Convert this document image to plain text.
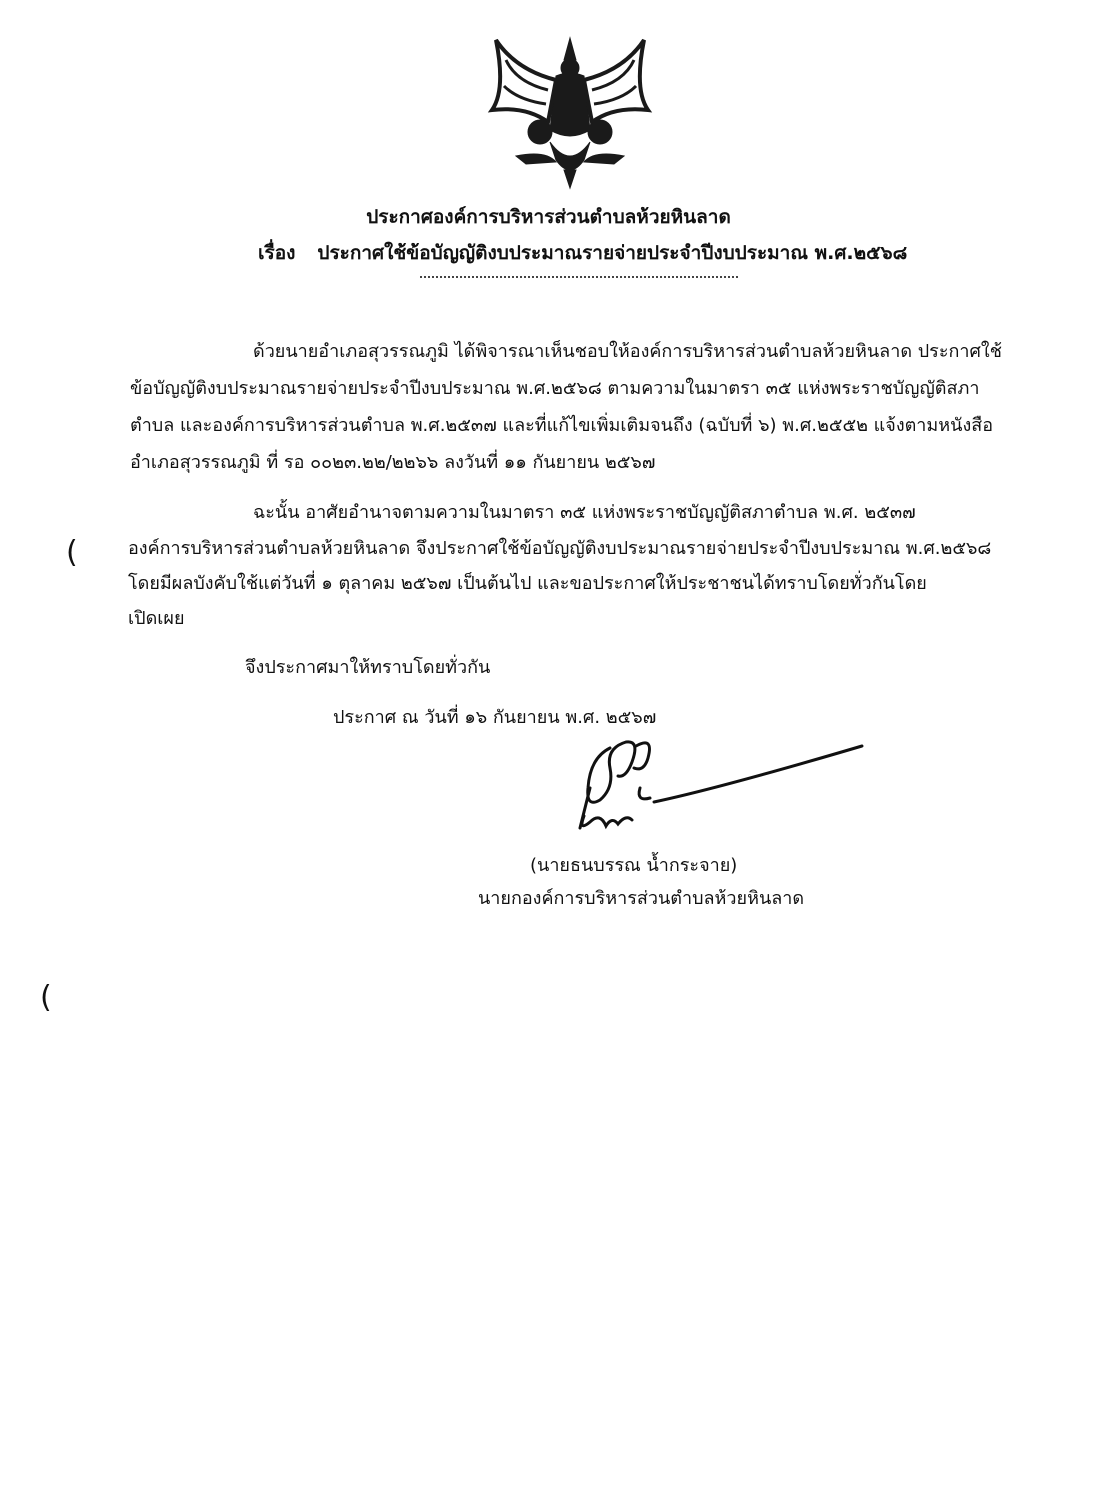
ประกาศองค์การบริหารส่วนตำบลห้วยหินลาด
เรื่อง ประกาศใช้ข้อบัญญัติงบประมาณรายจ่ายประจำปีงบประมาณ พ.ศ.๒๕๖๘
ด้วยนายอำเภอสุวรรณภูมิ ได้พิจารณาเห็นชอบให้องค์การบริหารส่วนตำบลห้วยหินลาด ประกาศใช้
ข้อบัญญัติงบประมาณรายจ่ายประจำปีงบประมาณ พ.ศ.๒๕๖๘ ตามความในมาตรา ๓๕ แห่งพระราชบัญญัติสภา
ตำบล และองค์การบริหารส่วนตำบล พ.ศ.๒๕๓๗ และที่แก้ไขเพิ่มเติมจนถึง (ฉบับที่ ๖) พ.ศ.๒๕๕๒ แจ้งตามหนังสือ
อำเภอสุวรรณภูมิ ที่ รอ ๐๐๒๓.๒๒/๒๒๖๖ ลงวันที่ ๑๑ กันยายน ๒๕๖๗
ฉะนั้น อาศัยอำนาจตามความในมาตรา ๓๕ แห่งพระราชบัญญัติสภาตำบล พ.ศ. ๒๕๓๗
องค์การบริหารส่วนตำบลห้วยหินลาด จึงประกาศใช้ข้อบัญญัติงบประมาณรายจ่ายประจำปีงบประมาณ พ.ศ.๒๕๖๘
โดยมีผลบังคับใช้แต่วันที่ ๑ ตุลาคม ๒๕๖๗ เป็นต้นไป และขอประกาศให้ประชาชนได้ทราบโดยทั่วกันโดย
เปิดเผย
จึงประกาศมาให้ทราบโดยทั่วกัน
ประกาศ ณ วันที่ ๑๖ กันยายน พ.ศ. ๒๕๖๗
(นายธนบรรณ น้ำกระจาย)
นายกองค์การบริหารส่วนตำบลห้วยหินลาด
(
(
